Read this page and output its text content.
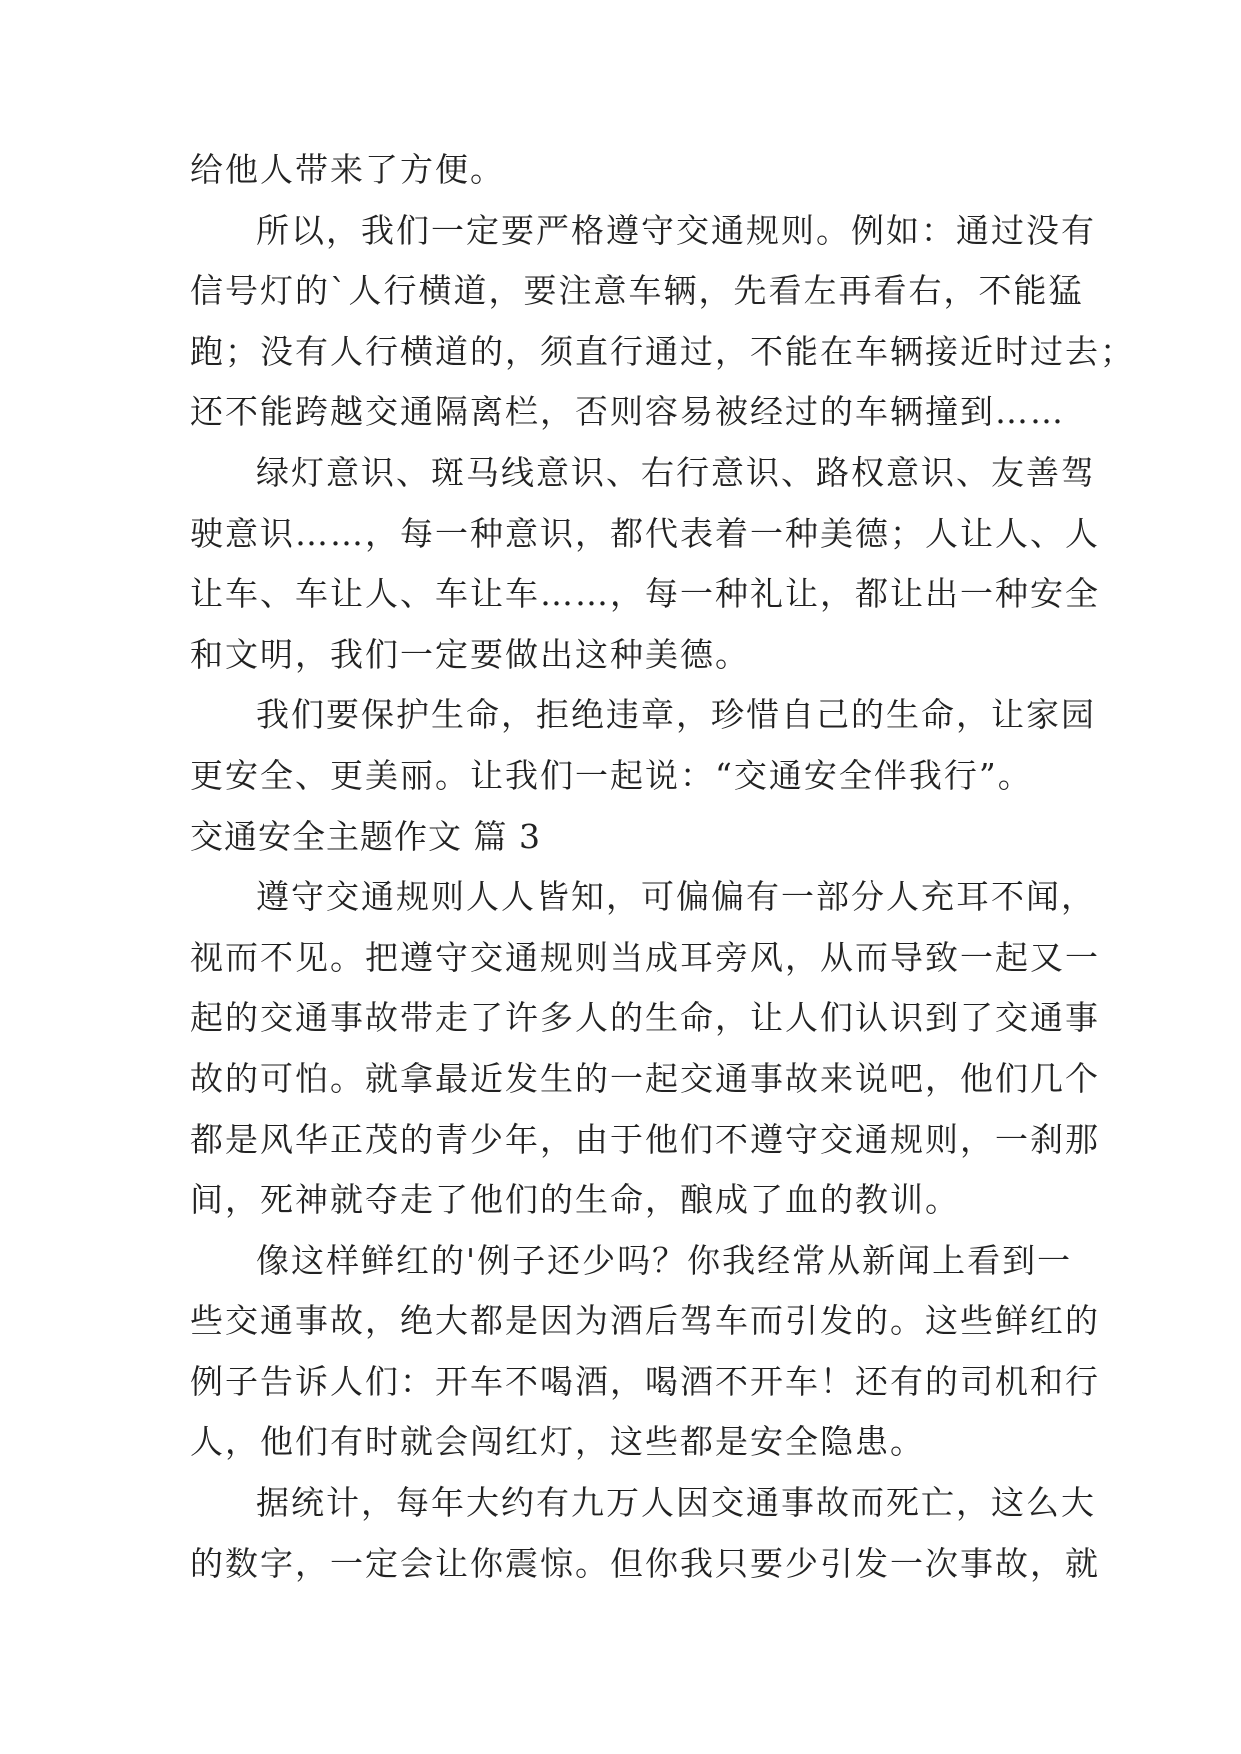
给他人带来了方便。
所以，我们一定要严格遵守交通规则。例如：通过没有
信号灯的`人行横道，要注意车辆，先看左再看右，不能猛
跑；没有人行横道的，须直行通过，不能在车辆接近时过去；
还不能跨越交通隔离栏，否则容易被经过的车辆撞到……
绿灯意识、斑马线意识、右行意识、路权意识、友善驾
驶意识……，每一种意识，都代表着一种美德；人让人、人
让车、车让人、车让车……，每一种礼让，都让出一种安全
和文明，我们一定要做出这种美德。
我们要保护生命，拒绝违章，珍惜自己的生命，让家园
更安全、更美丽。让我们一起说：“交通安全伴我行”。
交通安全主题作文 篇 3
遵守交通规则人人皆知，可偏偏有一部分人充耳不闻，
视而不见。把遵守交通规则当成耳旁风，从而导致一起又一
起的交通事故带走了许多人的生命，让人们认识到了交通事
故的可怕。就拿最近发生的一起交通事故来说吧，他们几个
都是风华正茂的青少年，由于他们不遵守交通规则，一刹那
间，死神就夺走了他们的生命，酿成了血的教训。
像这样鲜红的'例子还少吗？你我经常从新闻上看到一
些交通事故，绝大都是因为酒后驾车而引发的。这些鲜红的
例子告诉人们：开车不喝酒，喝酒不开车！还有的司机和行
人，他们有时就会闯红灯，这些都是安全隐患。
据统计，每年大约有九万人因交通事故而死亡，这么大
的数字，一定会让你震惊。但你我只要少引发一次事故，就
